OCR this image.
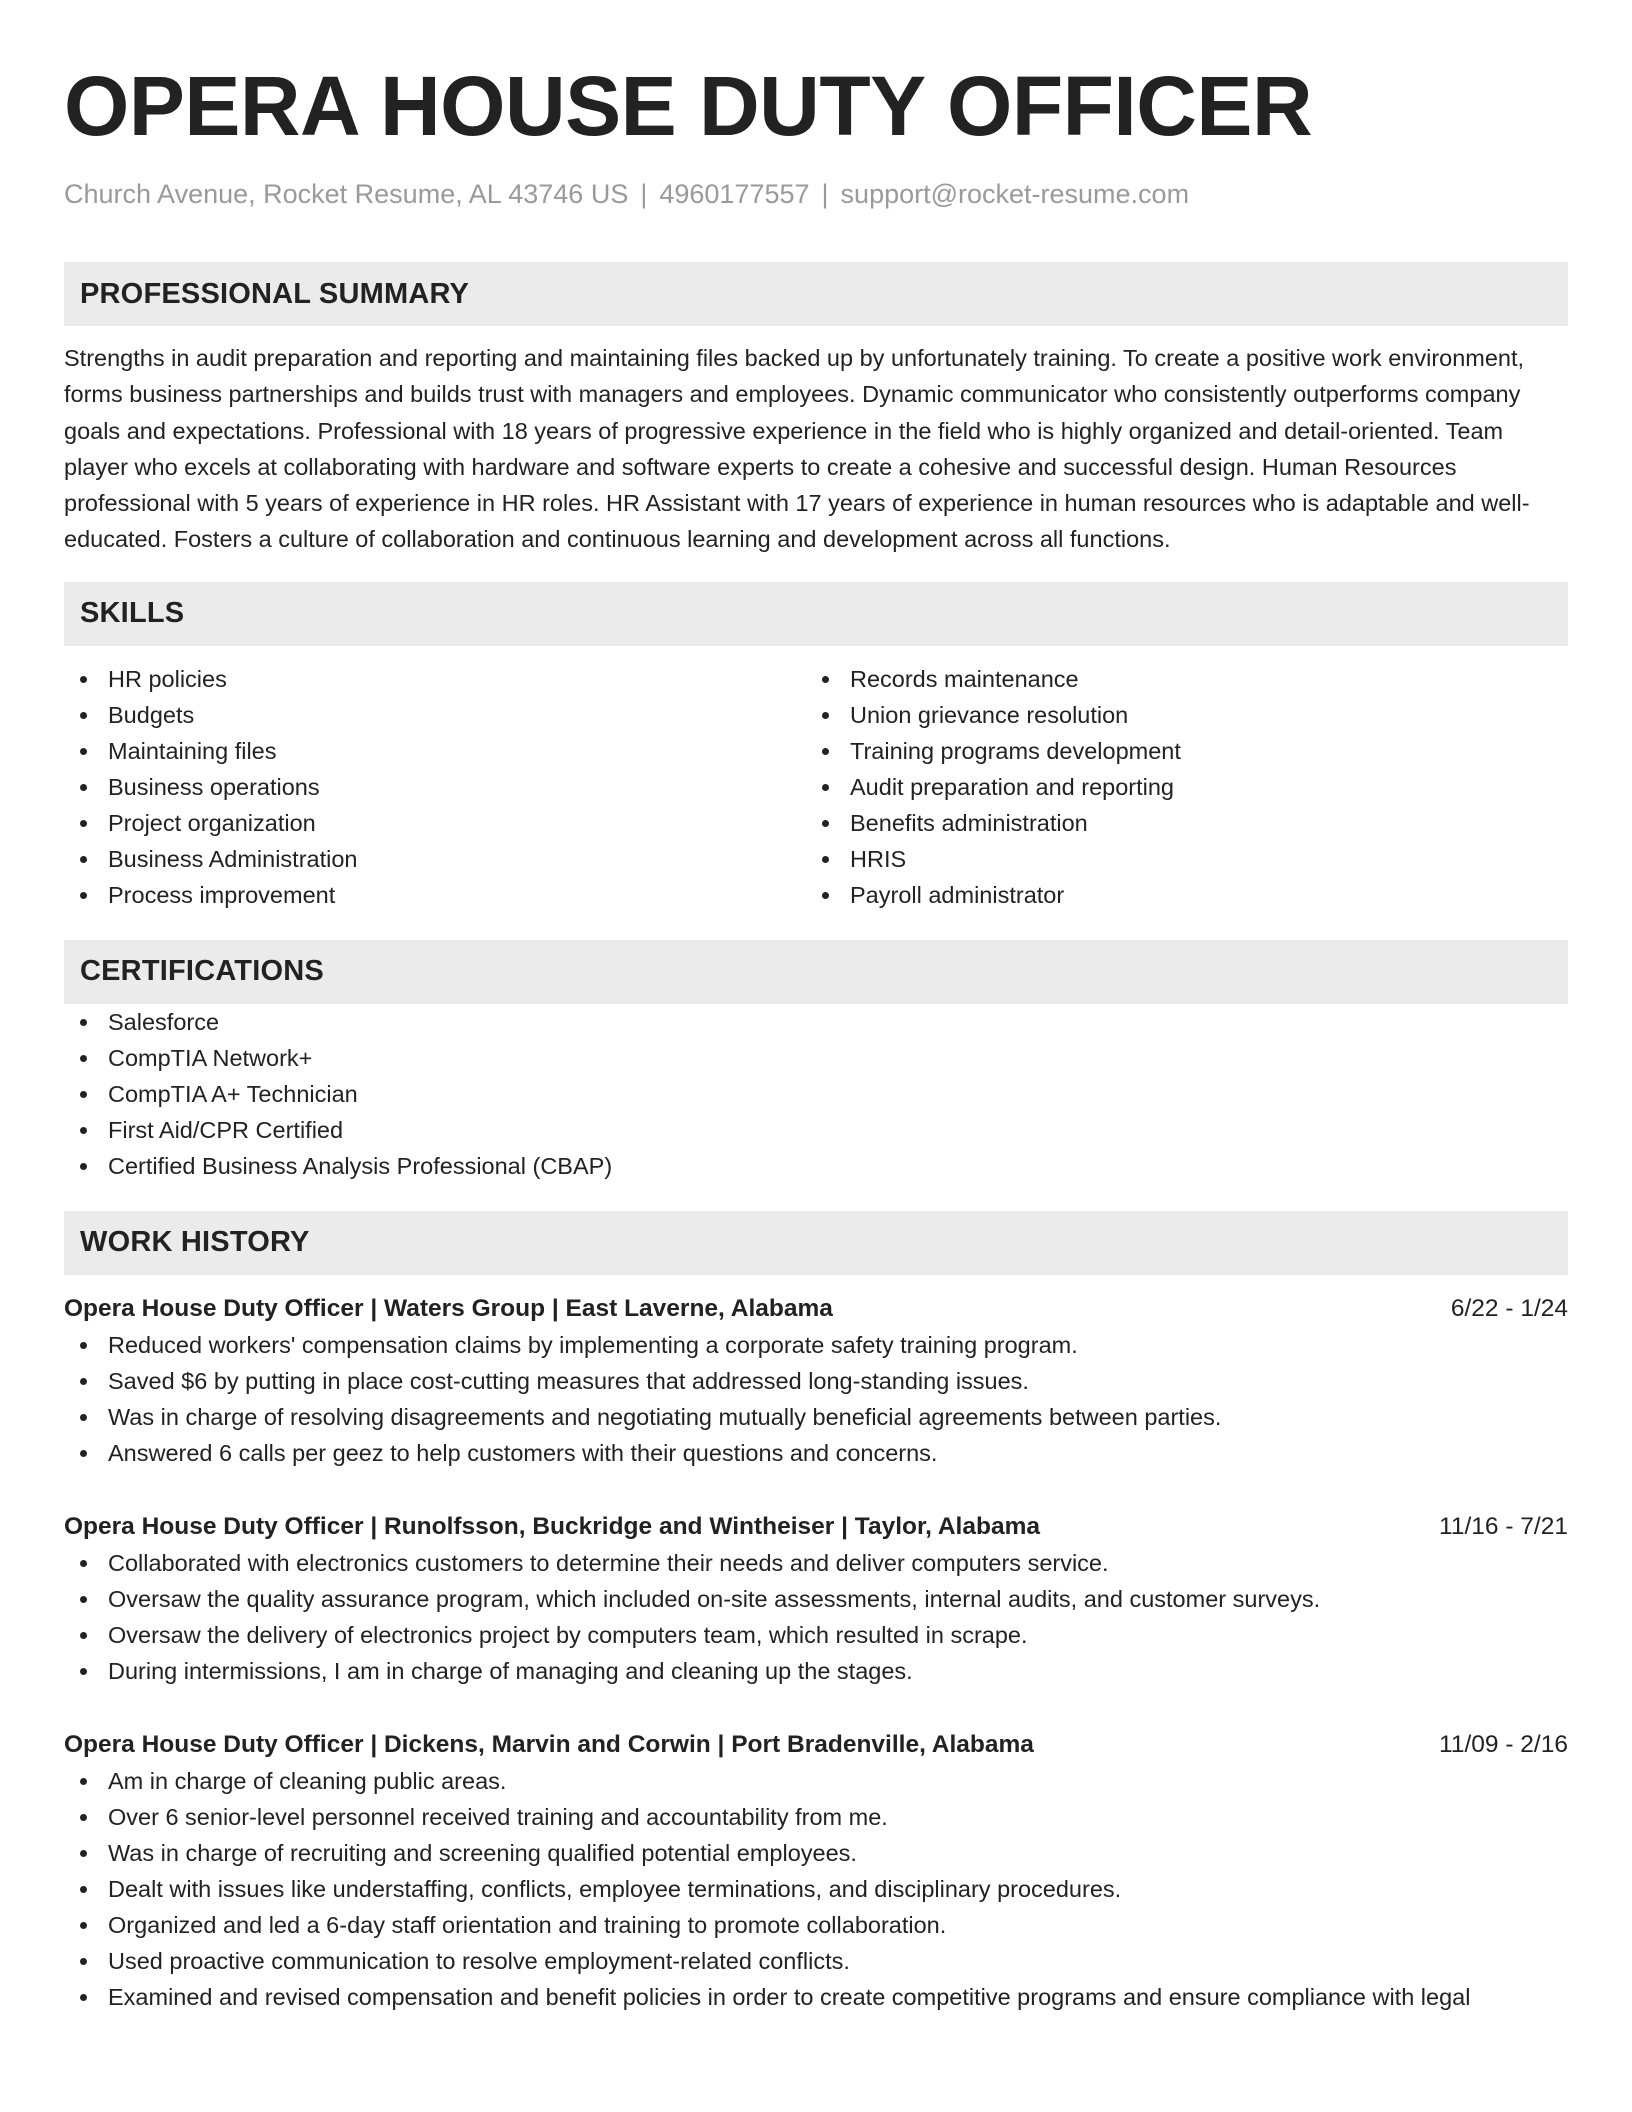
OPERA HOUSE DUTY OFFICER
Church Avenue, Rocket Resume, AL 43746 US | 4960177557 | support@rocket-resume.com
PROFESSIONAL SUMMARY
Strengths in audit preparation and reporting and maintaining files backed up by unfortunately training. To create a positive work environment, forms business partnerships and builds trust with managers and employees. Dynamic communicator who consistently outperforms company goals and expectations. Professional with 18 years of progressive experience in the field who is highly organized and detail-oriented. Team player who excels at collaborating with hardware and software experts to create a cohesive and successful design. Human Resources professional with 5 years of experience in HR roles. HR Assistant with 17 years of experience in human resources who is adaptable and well-educated. Fosters a culture of collaboration and continuous learning and development across all functions.
SKILLS
HR policies
Budgets
Maintaining files
Business operations
Project organization
Business Administration
Process improvement
Records maintenance
Union grievance resolution
Training programs development
Audit preparation and reporting
Benefits administration
HRIS
Payroll administrator
CERTIFICATIONS
Salesforce
CompTIA Network+
CompTIA A+ Technician
First Aid/CPR Certified
Certified Business Analysis Professional (CBAP)
WORK HISTORY
Opera House Duty Officer | Waters Group | East Laverne, Alabama	6/22 - 1/24
Reduced workers' compensation claims by implementing a corporate safety training program.
Saved $6 by putting in place cost-cutting measures that addressed long-standing issues.
Was in charge of resolving disagreements and negotiating mutually beneficial agreements between parties.
Answered 6 calls per geez to help customers with their questions and concerns.
Opera House Duty Officer | Runolfsson, Buckridge and Wintheiser | Taylor, Alabama	11/16 - 7/21
Collaborated with electronics customers to determine their needs and deliver computers service.
Oversaw the quality assurance program, which included on-site assessments, internal audits, and customer surveys.
Oversaw the delivery of electronics project by computers team, which resulted in scrape.
During intermissions, I am in charge of managing and cleaning up the stages.
Opera House Duty Officer | Dickens, Marvin and Corwin | Port Bradenville, Alabama	11/09 - 2/16
Am in charge of cleaning public areas.
Over 6 senior-level personnel received training and accountability from me.
Was in charge of recruiting and screening qualified potential employees.
Dealt with issues like understaffing, conflicts, employee terminations, and disciplinary procedures.
Organized and led a 6-day staff orientation and training to promote collaboration.
Used proactive communication to resolve employment-related conflicts.
Examined and revised compensation and benefit policies in order to create competitive programs and ensure compliance with legal
